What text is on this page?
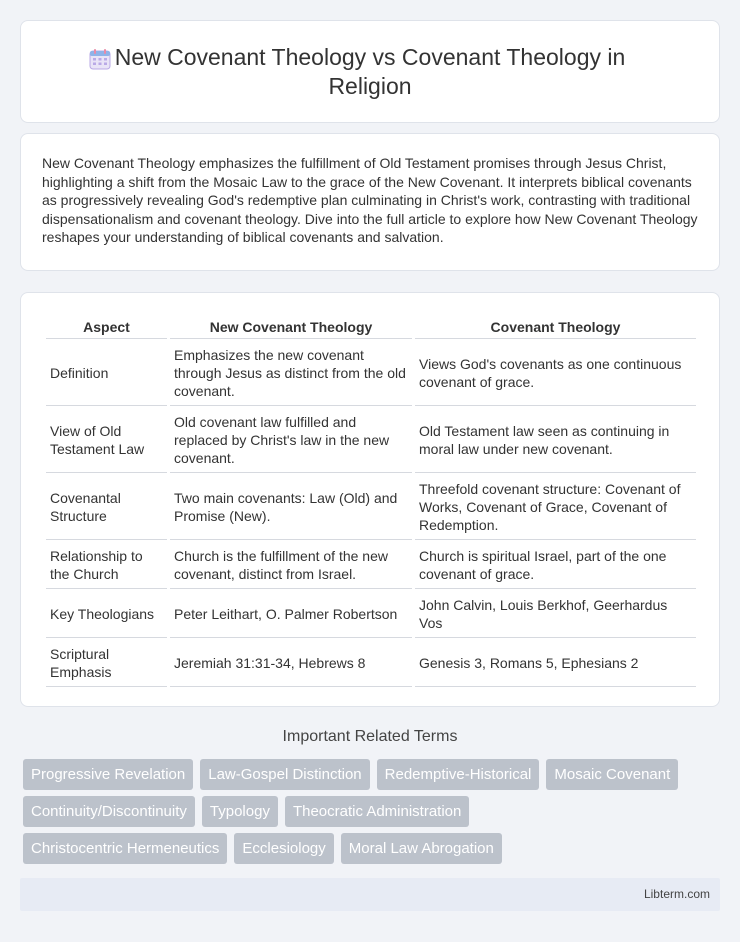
New Covenant Theology vs Covenant Theology in Religion

New Covenant Theology emphasizes the fulfillment of Old Testament promises through Jesus Christ, highlighting a shift from the Mosaic Law to the grace of the New Covenant. It interprets biblical covenants as progressively revealing God's redemptive plan culminating in Christ's work, contrasting with traditional dispensationalism and covenant theology. Dive into the full article to explore how New Covenant Theology reshapes your understanding of biblical covenants and salvation.

Aspect	New Covenant Theology	Covenant Theology
Definition	Emphasizes the new covenant through Jesus as distinct from the old covenant.	Views God's covenants as one continuous covenant of grace.
View of Old Testament Law	Old covenant law fulfilled and replaced by Christ's law in the new covenant.	Old Testament law seen as continuing in moral law under new covenant.
Covenantal Structure	Two main covenants: Law (Old) and Promise (New).	Threefold covenant structure: Covenant of Works, Covenant of Grace, Covenant of Redemption.
Relationship to the Church	Church is the fulfillment of the new covenant, distinct from Israel.	Church is spiritual Israel, part of the one covenant of grace.
Key Theologians	Peter Leithart, O. Palmer Robertson	John Calvin, Louis Berkhof, Geerhardus Vos
Scriptural Emphasis	Jeremiah 31:31-34, Hebrews 8	Genesis 3, Romans 5, Ephesians 2
Important Related Terms
Progressive Revelation	Law-Gospel Distinction	Redemptive-Historical	Mosaic Covenant
Continuity/Discontinuity	Typology	Theocratic Administration
Christocentric Hermeneutics	Ecclesiology	Moral Law Abrogation
Libterm.com
